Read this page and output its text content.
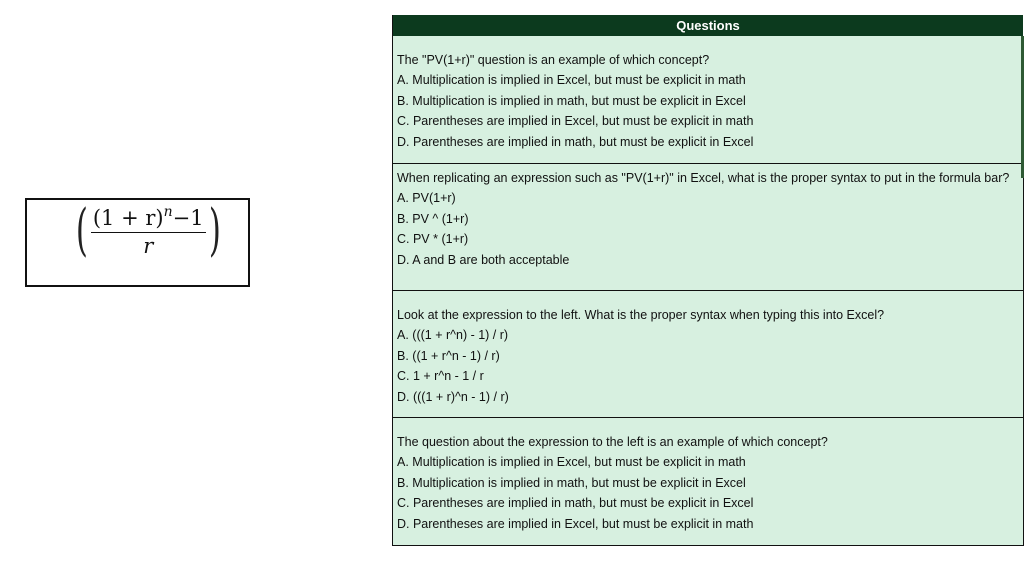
( $\frac{(1 + r)^n-1}{r}$ )
Questions
The "PV(1+r)" question is an example of which concept?
A. Multiplication is implied in Excel, but must be explicit in math
B. Multiplication is implied in math, but must be explicit in Excel
C. Parentheses are implied in Excel, but must be explicit in math
D. Parentheses are implied in math, but must be explicit in Excel
When replicating an expression such as "PV(1+r)" in Excel, what is the proper syntax to put in the formula bar?
A. PV(1+r)
B. PV ^ (1+r)
C. PV * (1+r)
D. A and B are both acceptable
Look at the expression to the left. What is the proper syntax when typing this into Excel?
A. (((1 + r^n) - 1) / r)
B. ((1 + r^n - 1) / r)
C. 1 + r^n - 1 / r
D. (((1 + r)^n - 1) / r)
The question about the expression to the left is an example of which concept?
A. Multiplication is implied in Excel, but must be explicit in math
B. Multiplication is implied in math, but must be explicit in Excel
C. Parentheses are implied in math, but must be explicit in Excel
D. Parentheses are implied in Excel, but must be explicit in math
